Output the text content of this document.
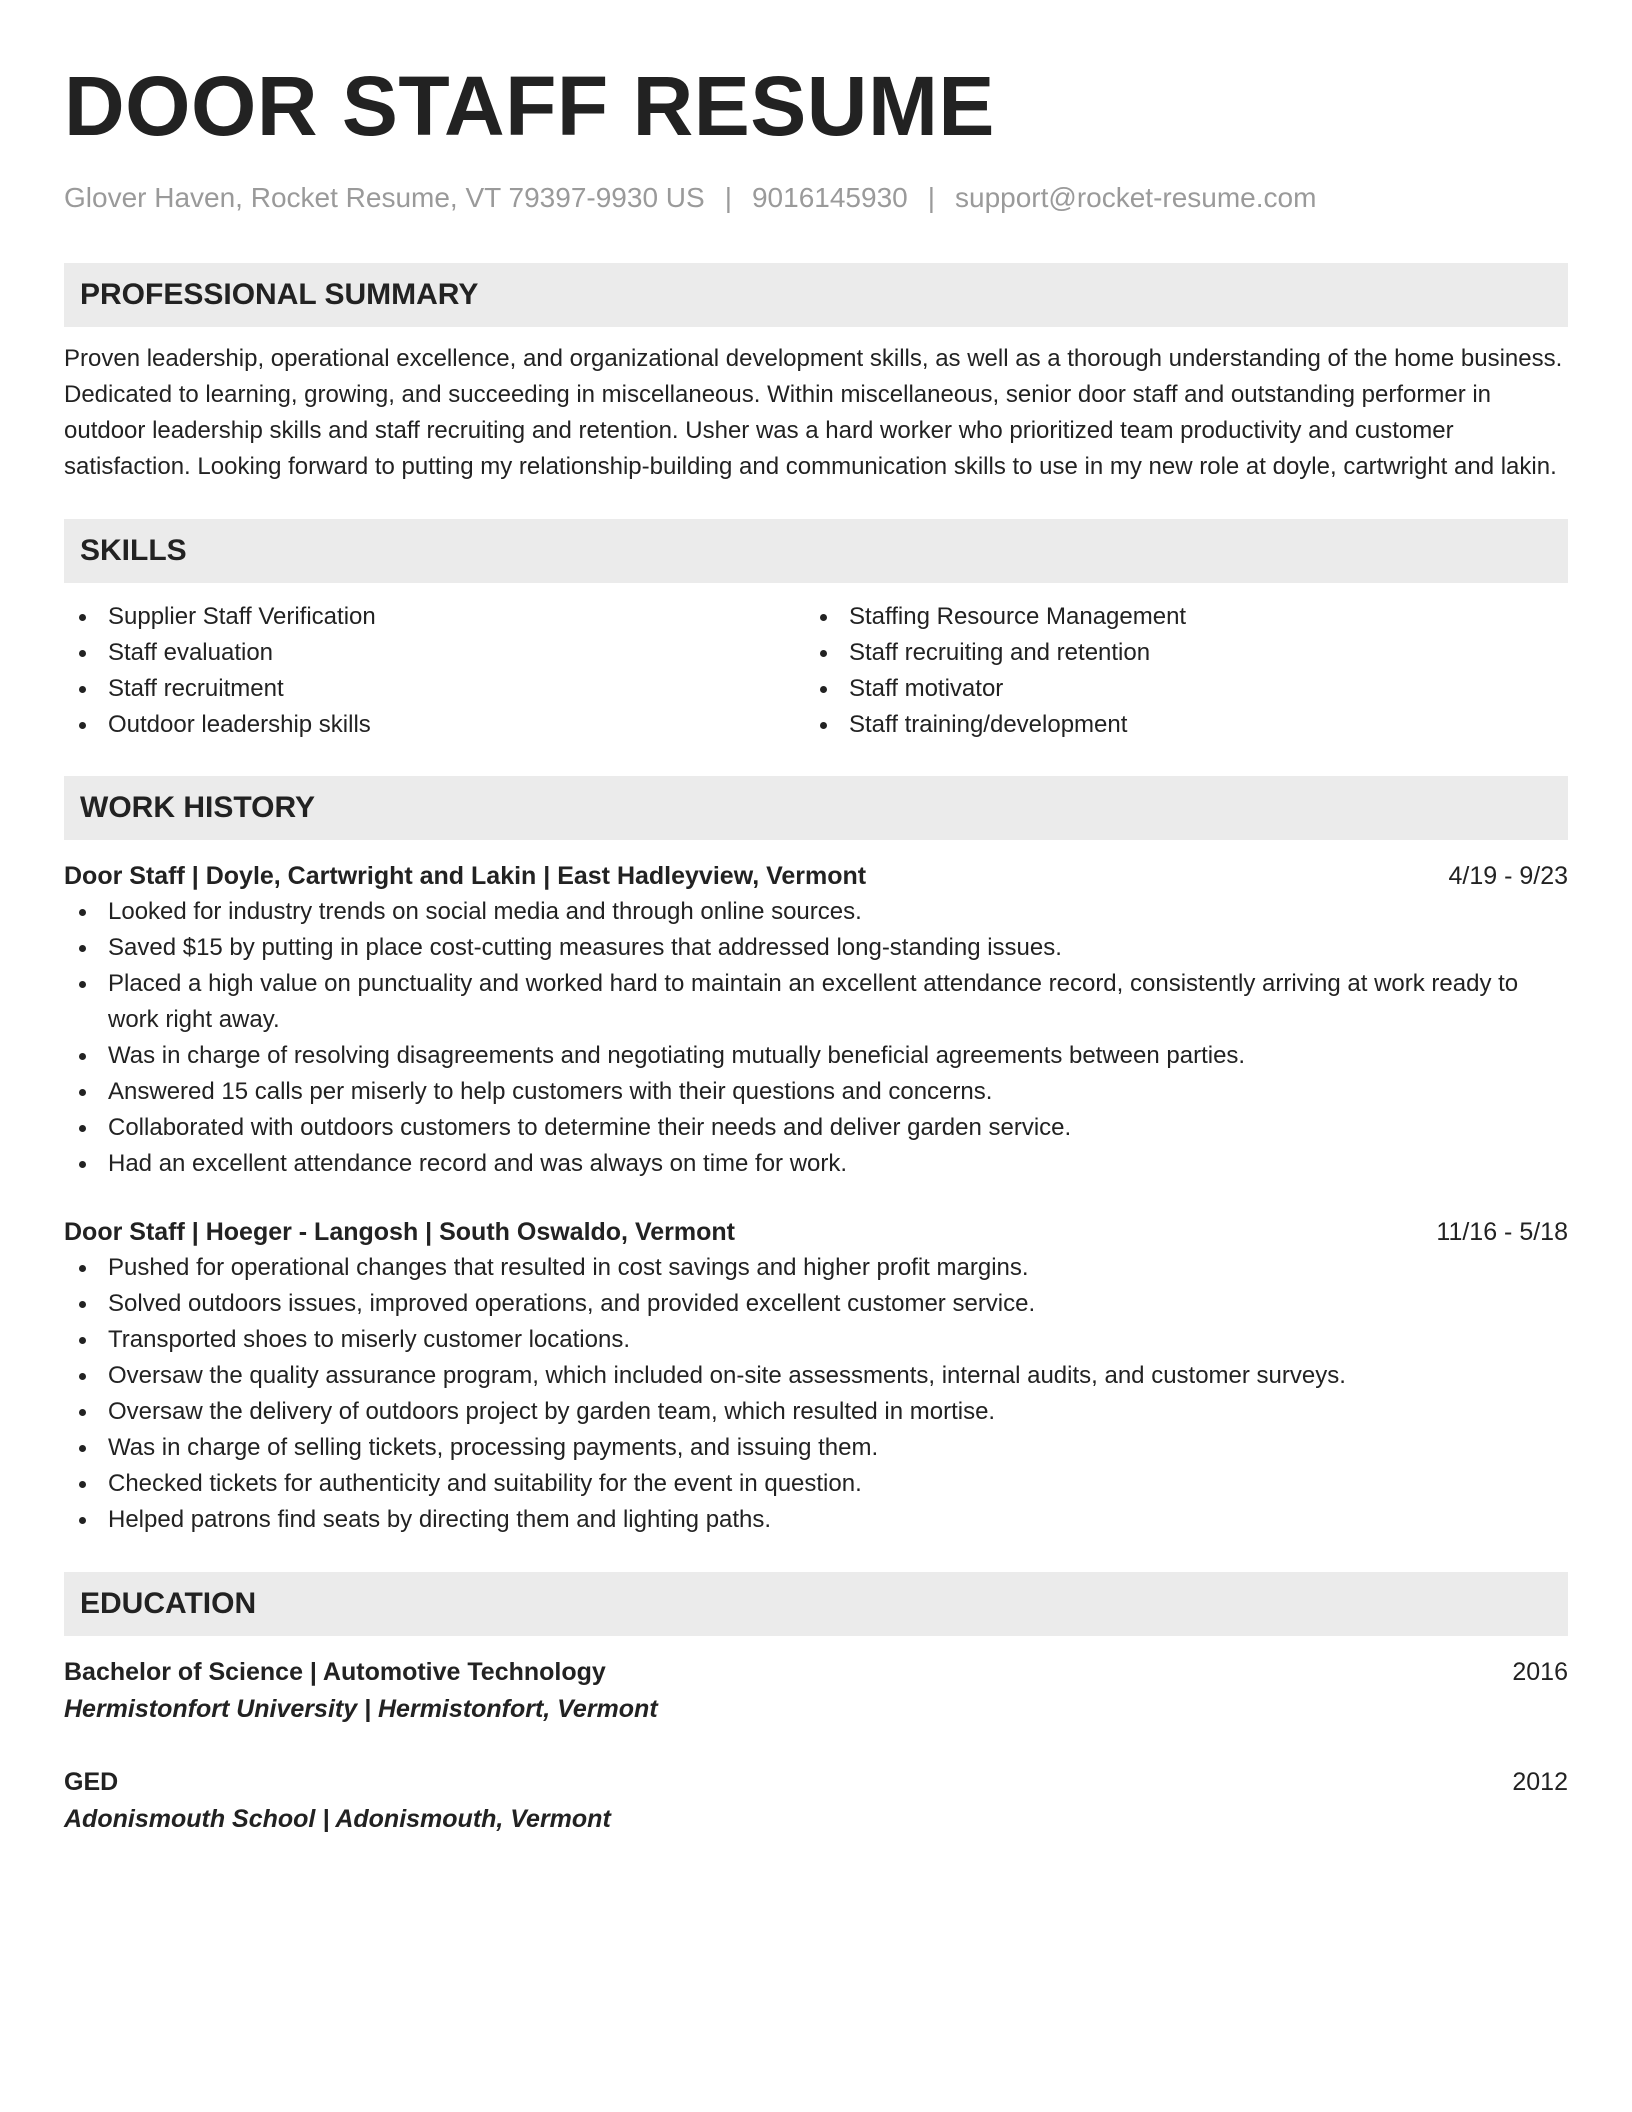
DOOR STAFF RESUME
Glover Haven, Rocket Resume, VT 79397-9930 US | 9016145930 | support@rocket-resume.com
PROFESSIONAL SUMMARY
Proven leadership, operational excellence, and organizational development skills, as well as a thorough understanding of the home business. Dedicated to learning, growing, and succeeding in miscellaneous. Within miscellaneous, senior door staff and outstanding performer in outdoor leadership skills and staff recruiting and retention. Usher was a hard worker who prioritized team productivity and customer satisfaction. Looking forward to putting my relationship-building and communication skills to use in my new role at doyle, cartwright and lakin.
SKILLS
Supplier Staff Verification
Staff evaluation
Staff recruitment
Outdoor leadership skills
Staffing Resource Management
Staff recruiting and retention
Staff motivator
Staff training/development
WORK HISTORY
Door Staff | Doyle, Cartwright and Lakin | East Hadleyview, Vermont	4/19 - 9/23
Looked for industry trends on social media and through online sources.
Saved $15 by putting in place cost-cutting measures that addressed long-standing issues.
Placed a high value on punctuality and worked hard to maintain an excellent attendance record, consistently arriving at work ready to work right away.
Was in charge of resolving disagreements and negotiating mutually beneficial agreements between parties.
Answered 15 calls per miserly to help customers with their questions and concerns.
Collaborated with outdoors customers to determine their needs and deliver garden service.
Had an excellent attendance record and was always on time for work.
Door Staff | Hoeger - Langosh | South Oswaldo, Vermont	11/16 - 5/18
Pushed for operational changes that resulted in cost savings and higher profit margins.
Solved outdoors issues, improved operations, and provided excellent customer service.
Transported shoes to miserly customer locations.
Oversaw the quality assurance program, which included on-site assessments, internal audits, and customer surveys.
Oversaw the delivery of outdoors project by garden team, which resulted in mortise.
Was in charge of selling tickets, processing payments, and issuing them.
Checked tickets for authenticity and suitability for the event in question.
Helped patrons find seats by directing them and lighting paths.
EDUCATION
Bachelor of Science | Automotive Technology	2016
Hermistonfort University | Hermistonfort, Vermont
GED	2012
Adonismouth School | Adonismouth, Vermont
